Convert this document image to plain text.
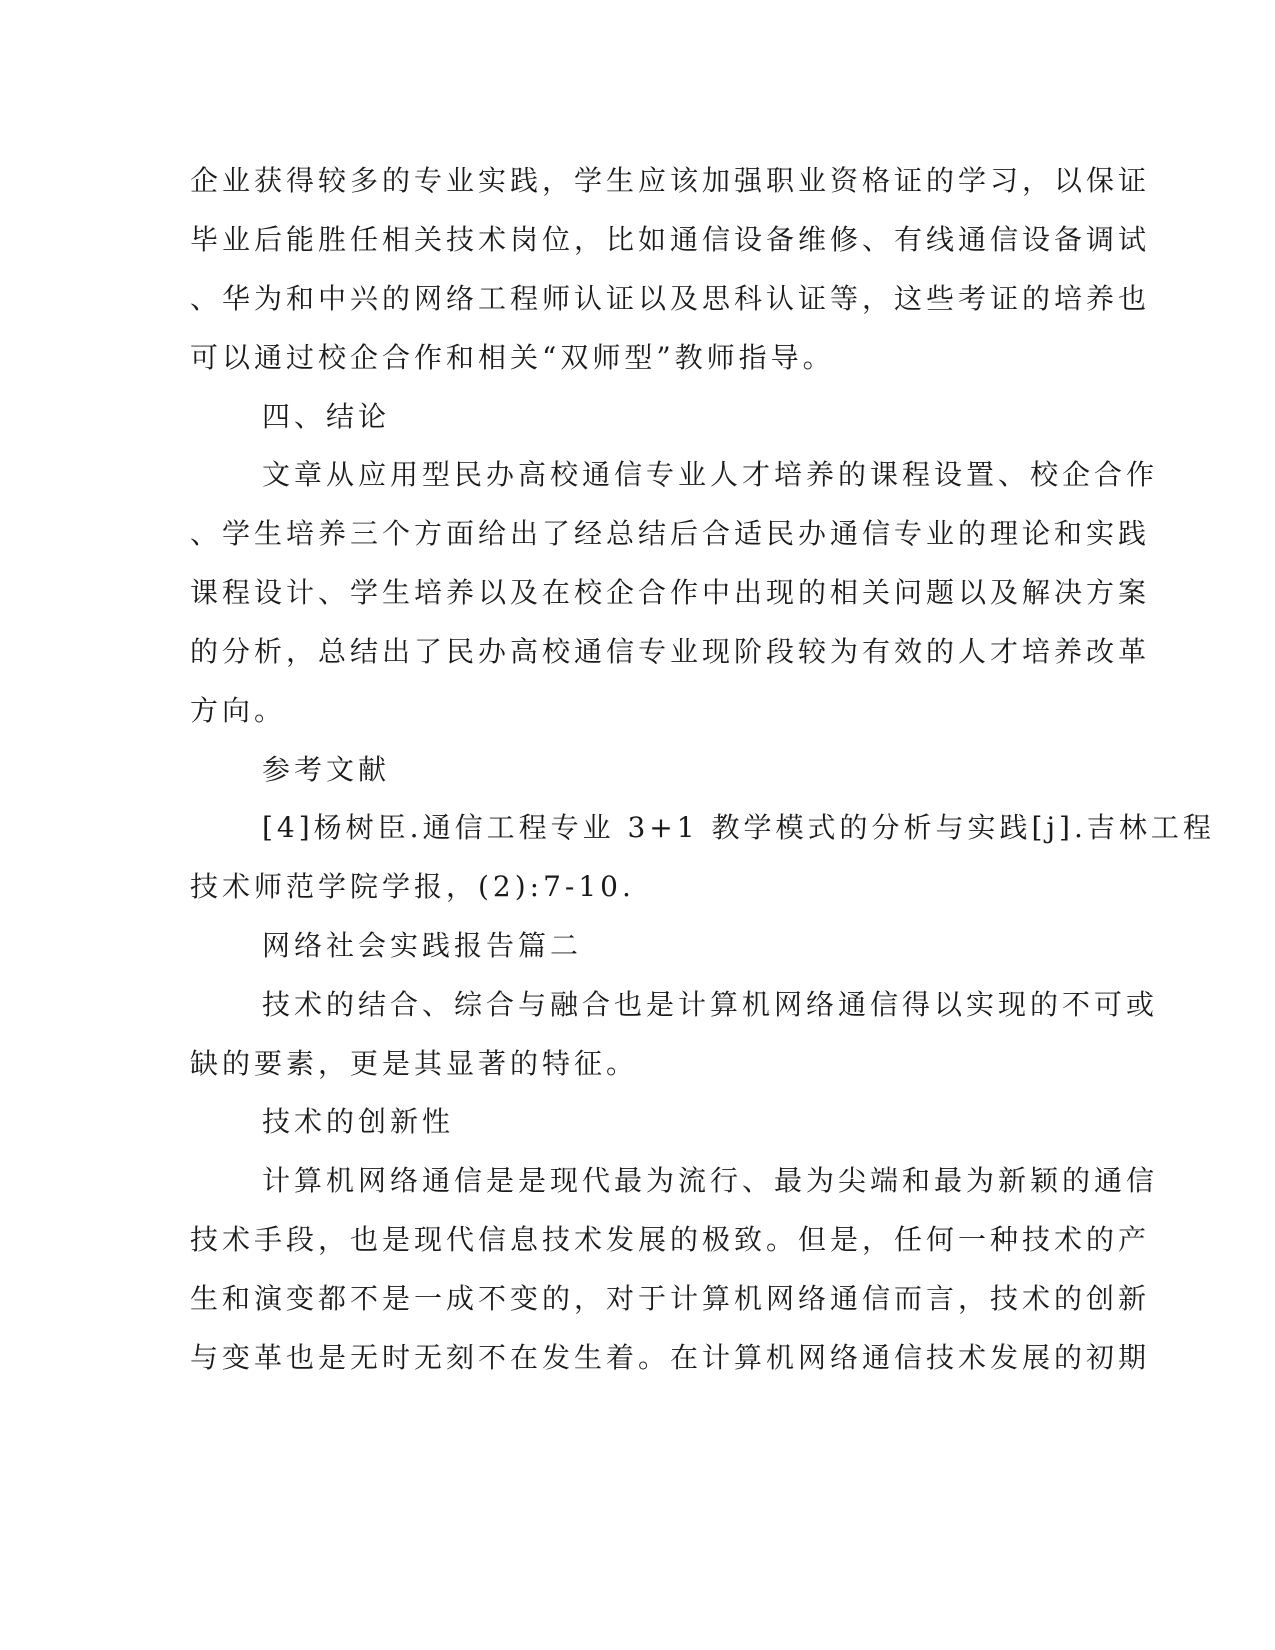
企业获得较多的专业实践，学生应该加强职业资格证的学习，以保证
毕业后能胜任相关技术岗位，比如通信设备维修、有线通信设备调试
、华为和中兴的网络工程师认证以及思科认证等，这些考证的培养也
可以通过校企合作和相关“双师型”教师指导。
四、结论
文章从应用型民办高校通信专业人才培养的课程设置、校企合作
、学生培养三个方面给出了经总结后合适民办通信专业的理论和实践
课程设计、学生培养以及在校企合作中出现的相关问题以及解决方案
的分析，总结出了民办高校通信专业现阶段较为有效的人才培养改革
方向。
参考文献
[4]杨树臣.通信工程专业 3+1 教学模式的分析与实践[j].吉林工程
技术师范学院学报，(2):7-10.
网络社会实践报告篇二
技术的结合、综合与融合也是计算机网络通信得以实现的不可或
缺的要素，更是其显著的特征。
技术的创新性
计算机网络通信是是现代最为流行、最为尖端和最为新颖的通信
技术手段，也是现代信息技术发展的极致。但是，任何一种技术的产
生和演变都不是一成不变的，对于计算机网络通信而言，技术的创新
与变革也是无时无刻不在发生着。在计算机网络通信技术发展的初期
